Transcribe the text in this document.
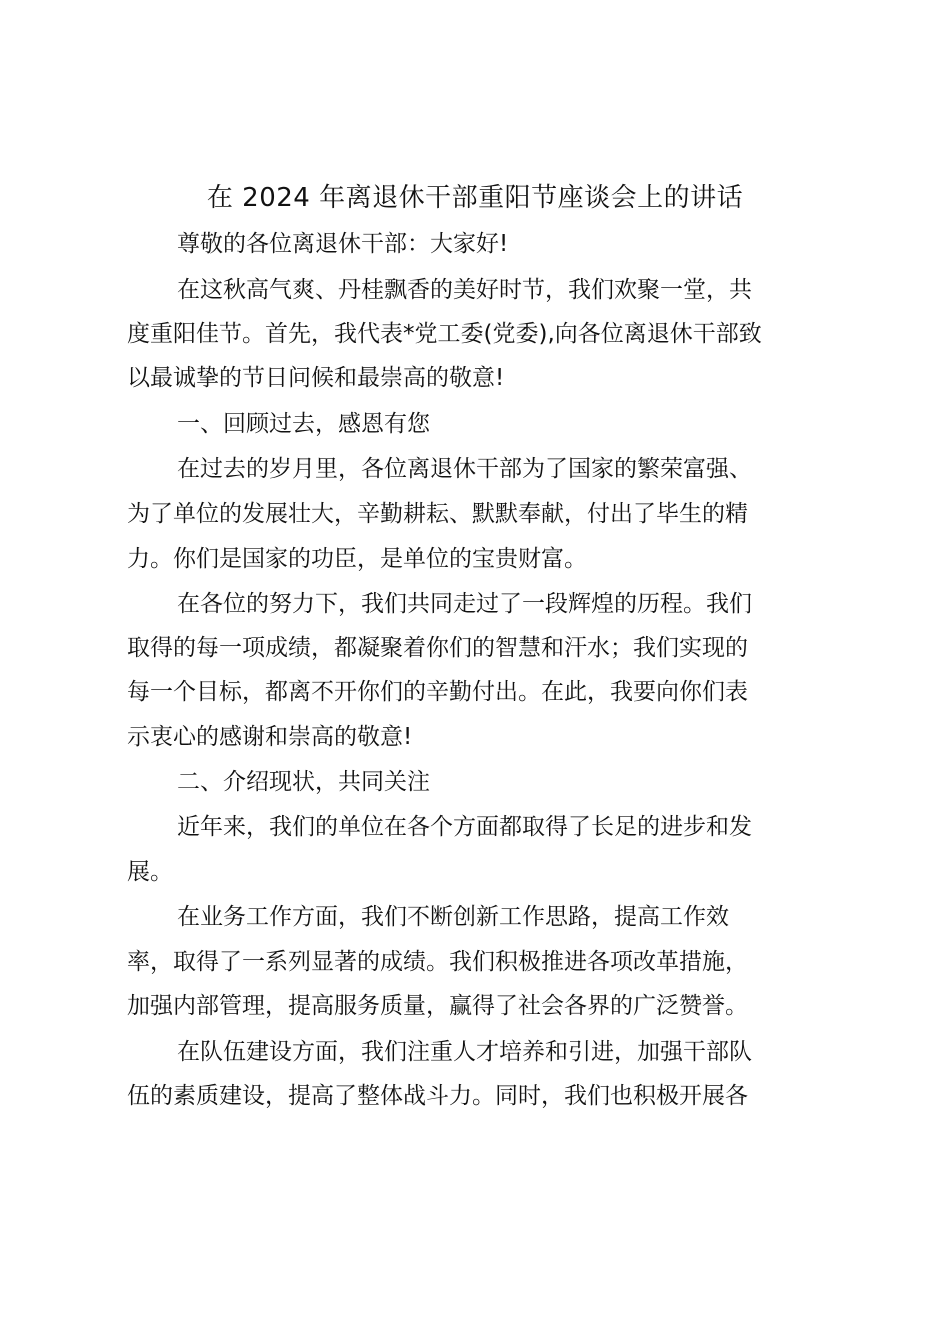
在 2024 年离退休干部重阳节座谈会上的讲话
尊敬的各位离退休干部：大家好!
在这秋高气爽、丹桂飘香的美好时节，我们欢聚一堂，共
度重阳佳节。首先，我代表*党工委(党委),向各位离退休干部致
以最诚挚的节日问候和最崇高的敬意!
一、回顾过去，感恩有您
在过去的岁月里，各位离退休干部为了国家的繁荣富强、
为了单位的发展壮大，辛勤耕耘、默默奉献，付出了毕生的精
力。你们是国家的功臣，是单位的宝贵财富。
在各位的努力下，我们共同走过了一段辉煌的历程。我们
取得的每一项成绩，都凝聚着你们的智慧和汗水；我们实现的
每一个目标，都离不开你们的辛勤付出。在此，我要向你们表
示衷心的感谢和崇高的敬意!
二、介绍现状，共同关注
近年来，我们的单位在各个方面都取得了长足的进步和发
展。
在业务工作方面，我们不断创新工作思路，提高工作效
率，取得了一系列显著的成绩。我们积极推进各项改革措施，
加强内部管理，提高服务质量，赢得了社会各界的广泛赞誉。
在队伍建设方面，我们注重人才培养和引进，加强干部队
伍的素质建设，提高了整体战斗力。同时，我们也积极开展各
